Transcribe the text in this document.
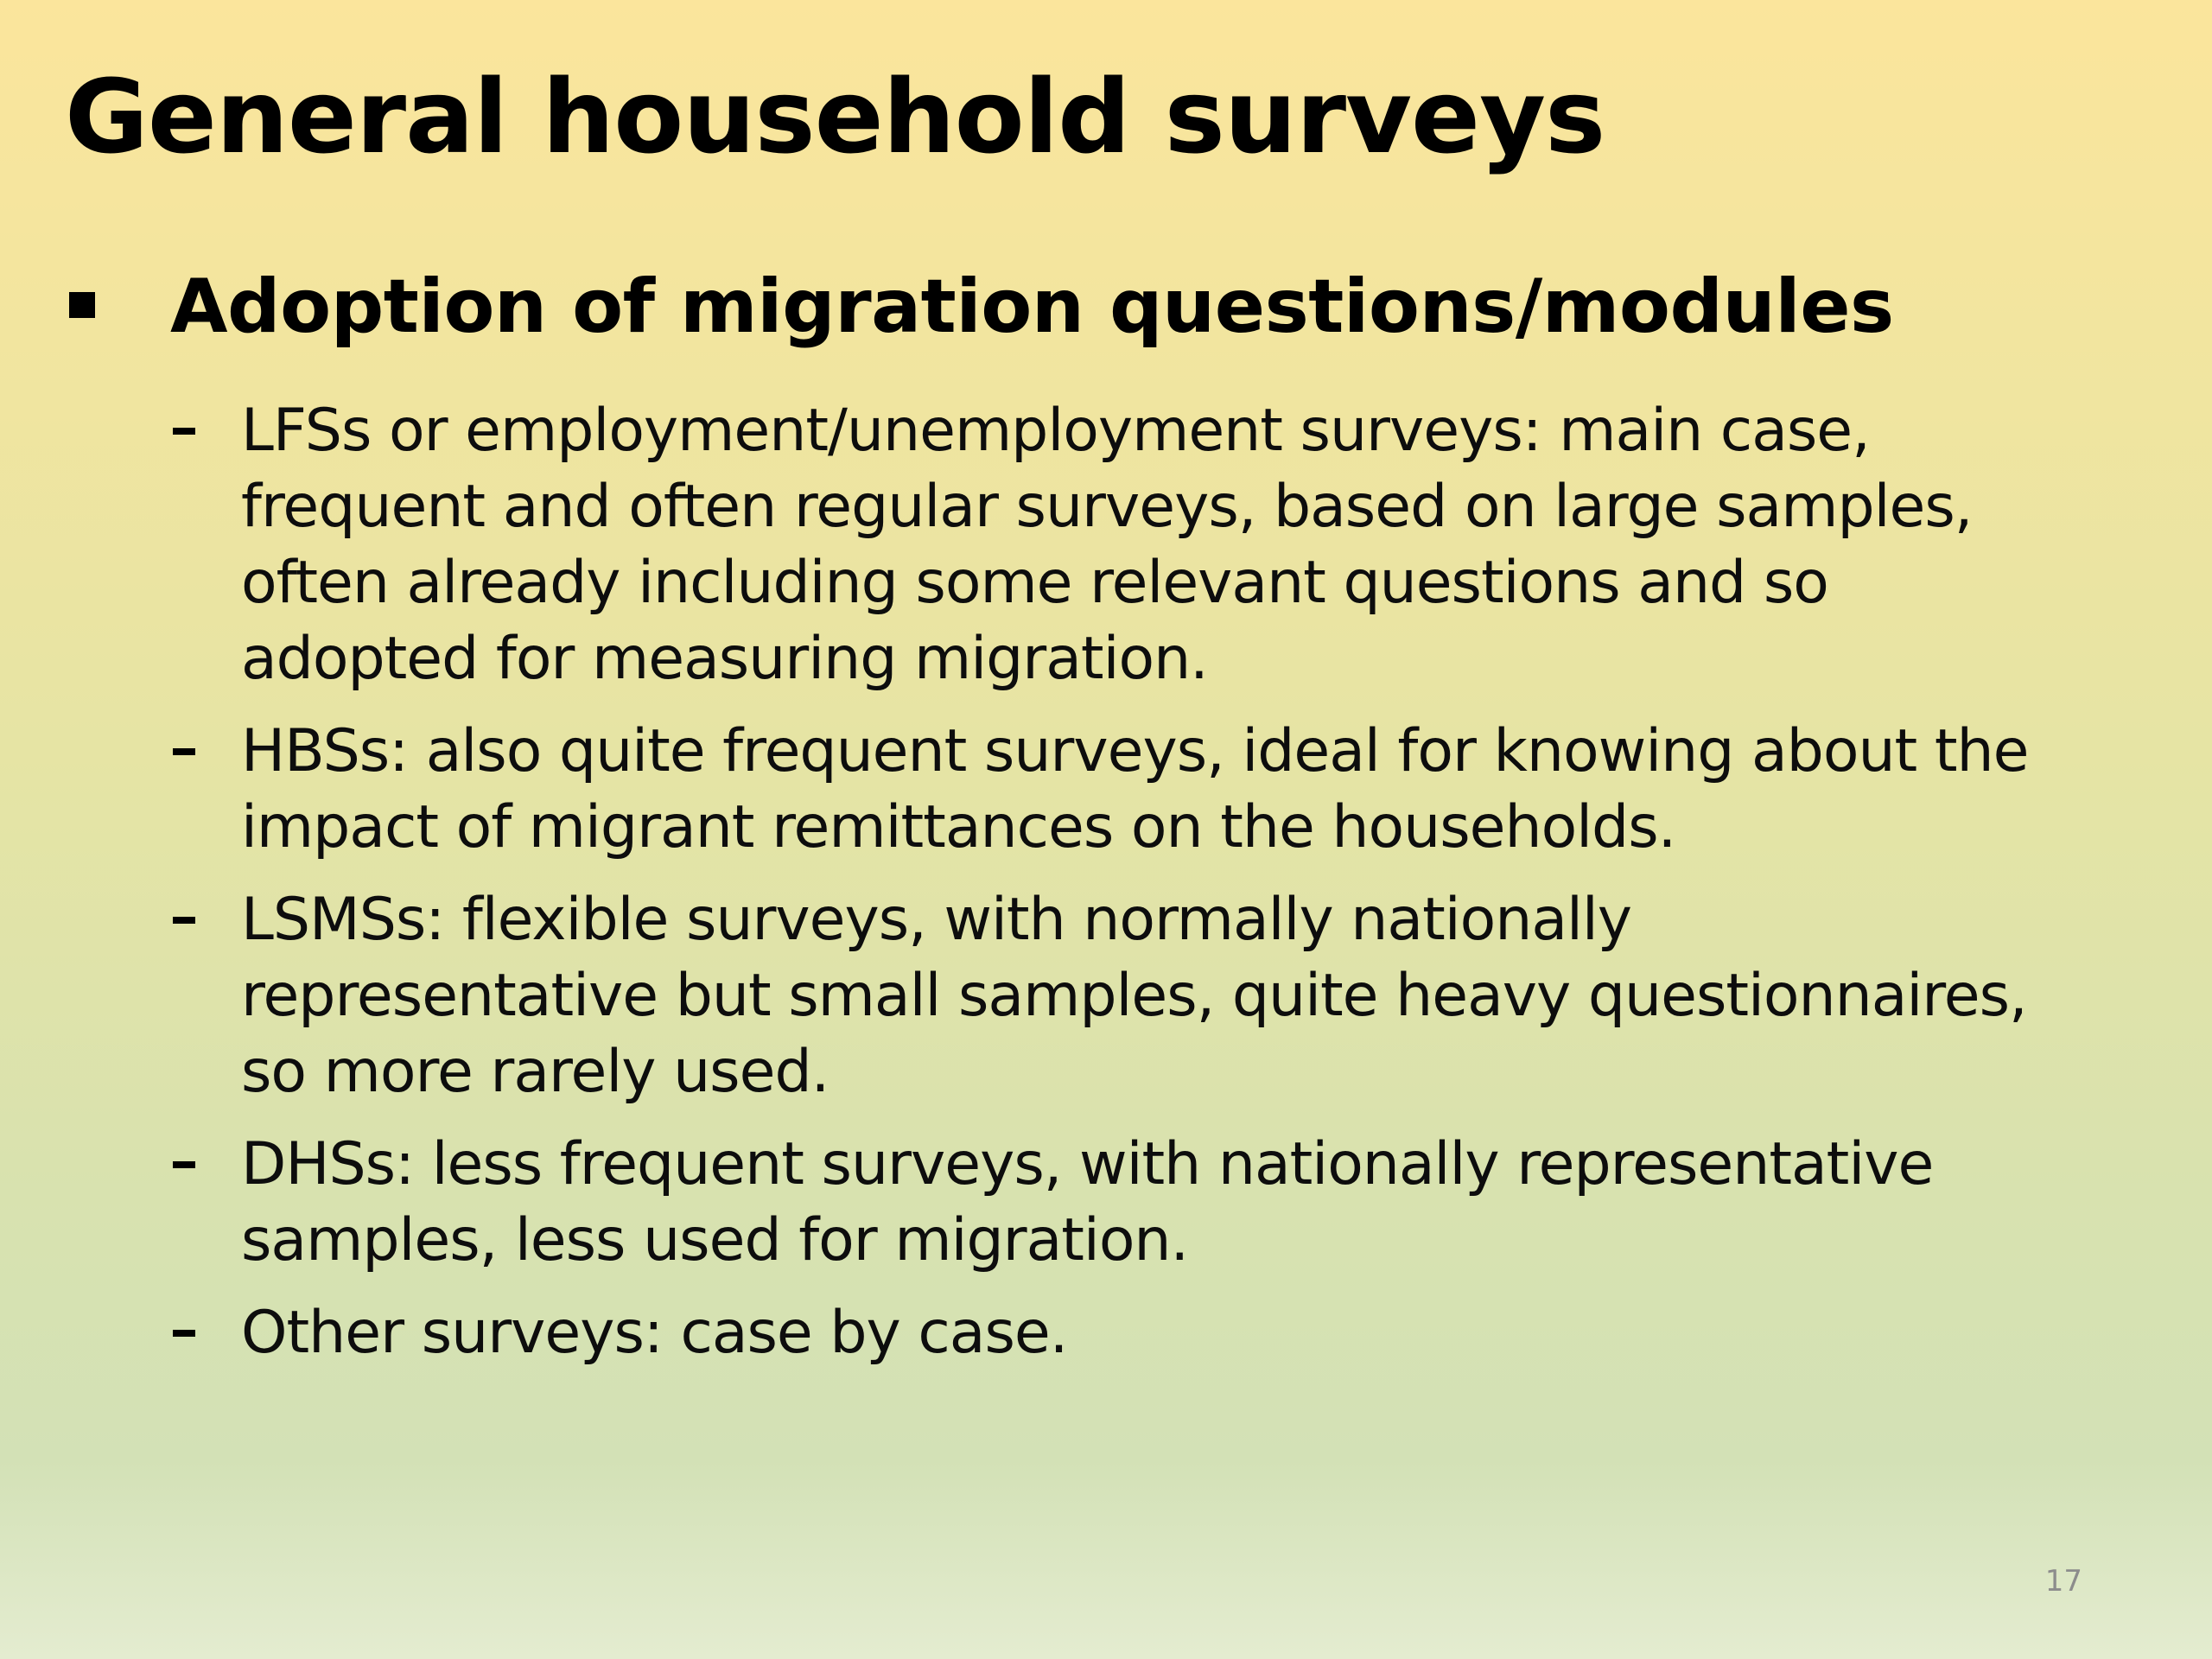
General household surveys
Adoption of migration questions/modules
LFSs or employment/unemployment surveys: main case,
frequent and often regular surveys, based on large samples,
often already including some relevant questions and so
adopted for measuring migration.
HBSs: also quite frequent surveys, ideal for knowing about the
impact of migrant remittances on the households.
LSMSs: flexible surveys, with normally nationally
representative but small samples, quite heavy questionnaires,
so more rarely used.
DHSs: less frequent surveys, with nationally representative
samples, less used for migration.
Other surveys: case by case.
17
